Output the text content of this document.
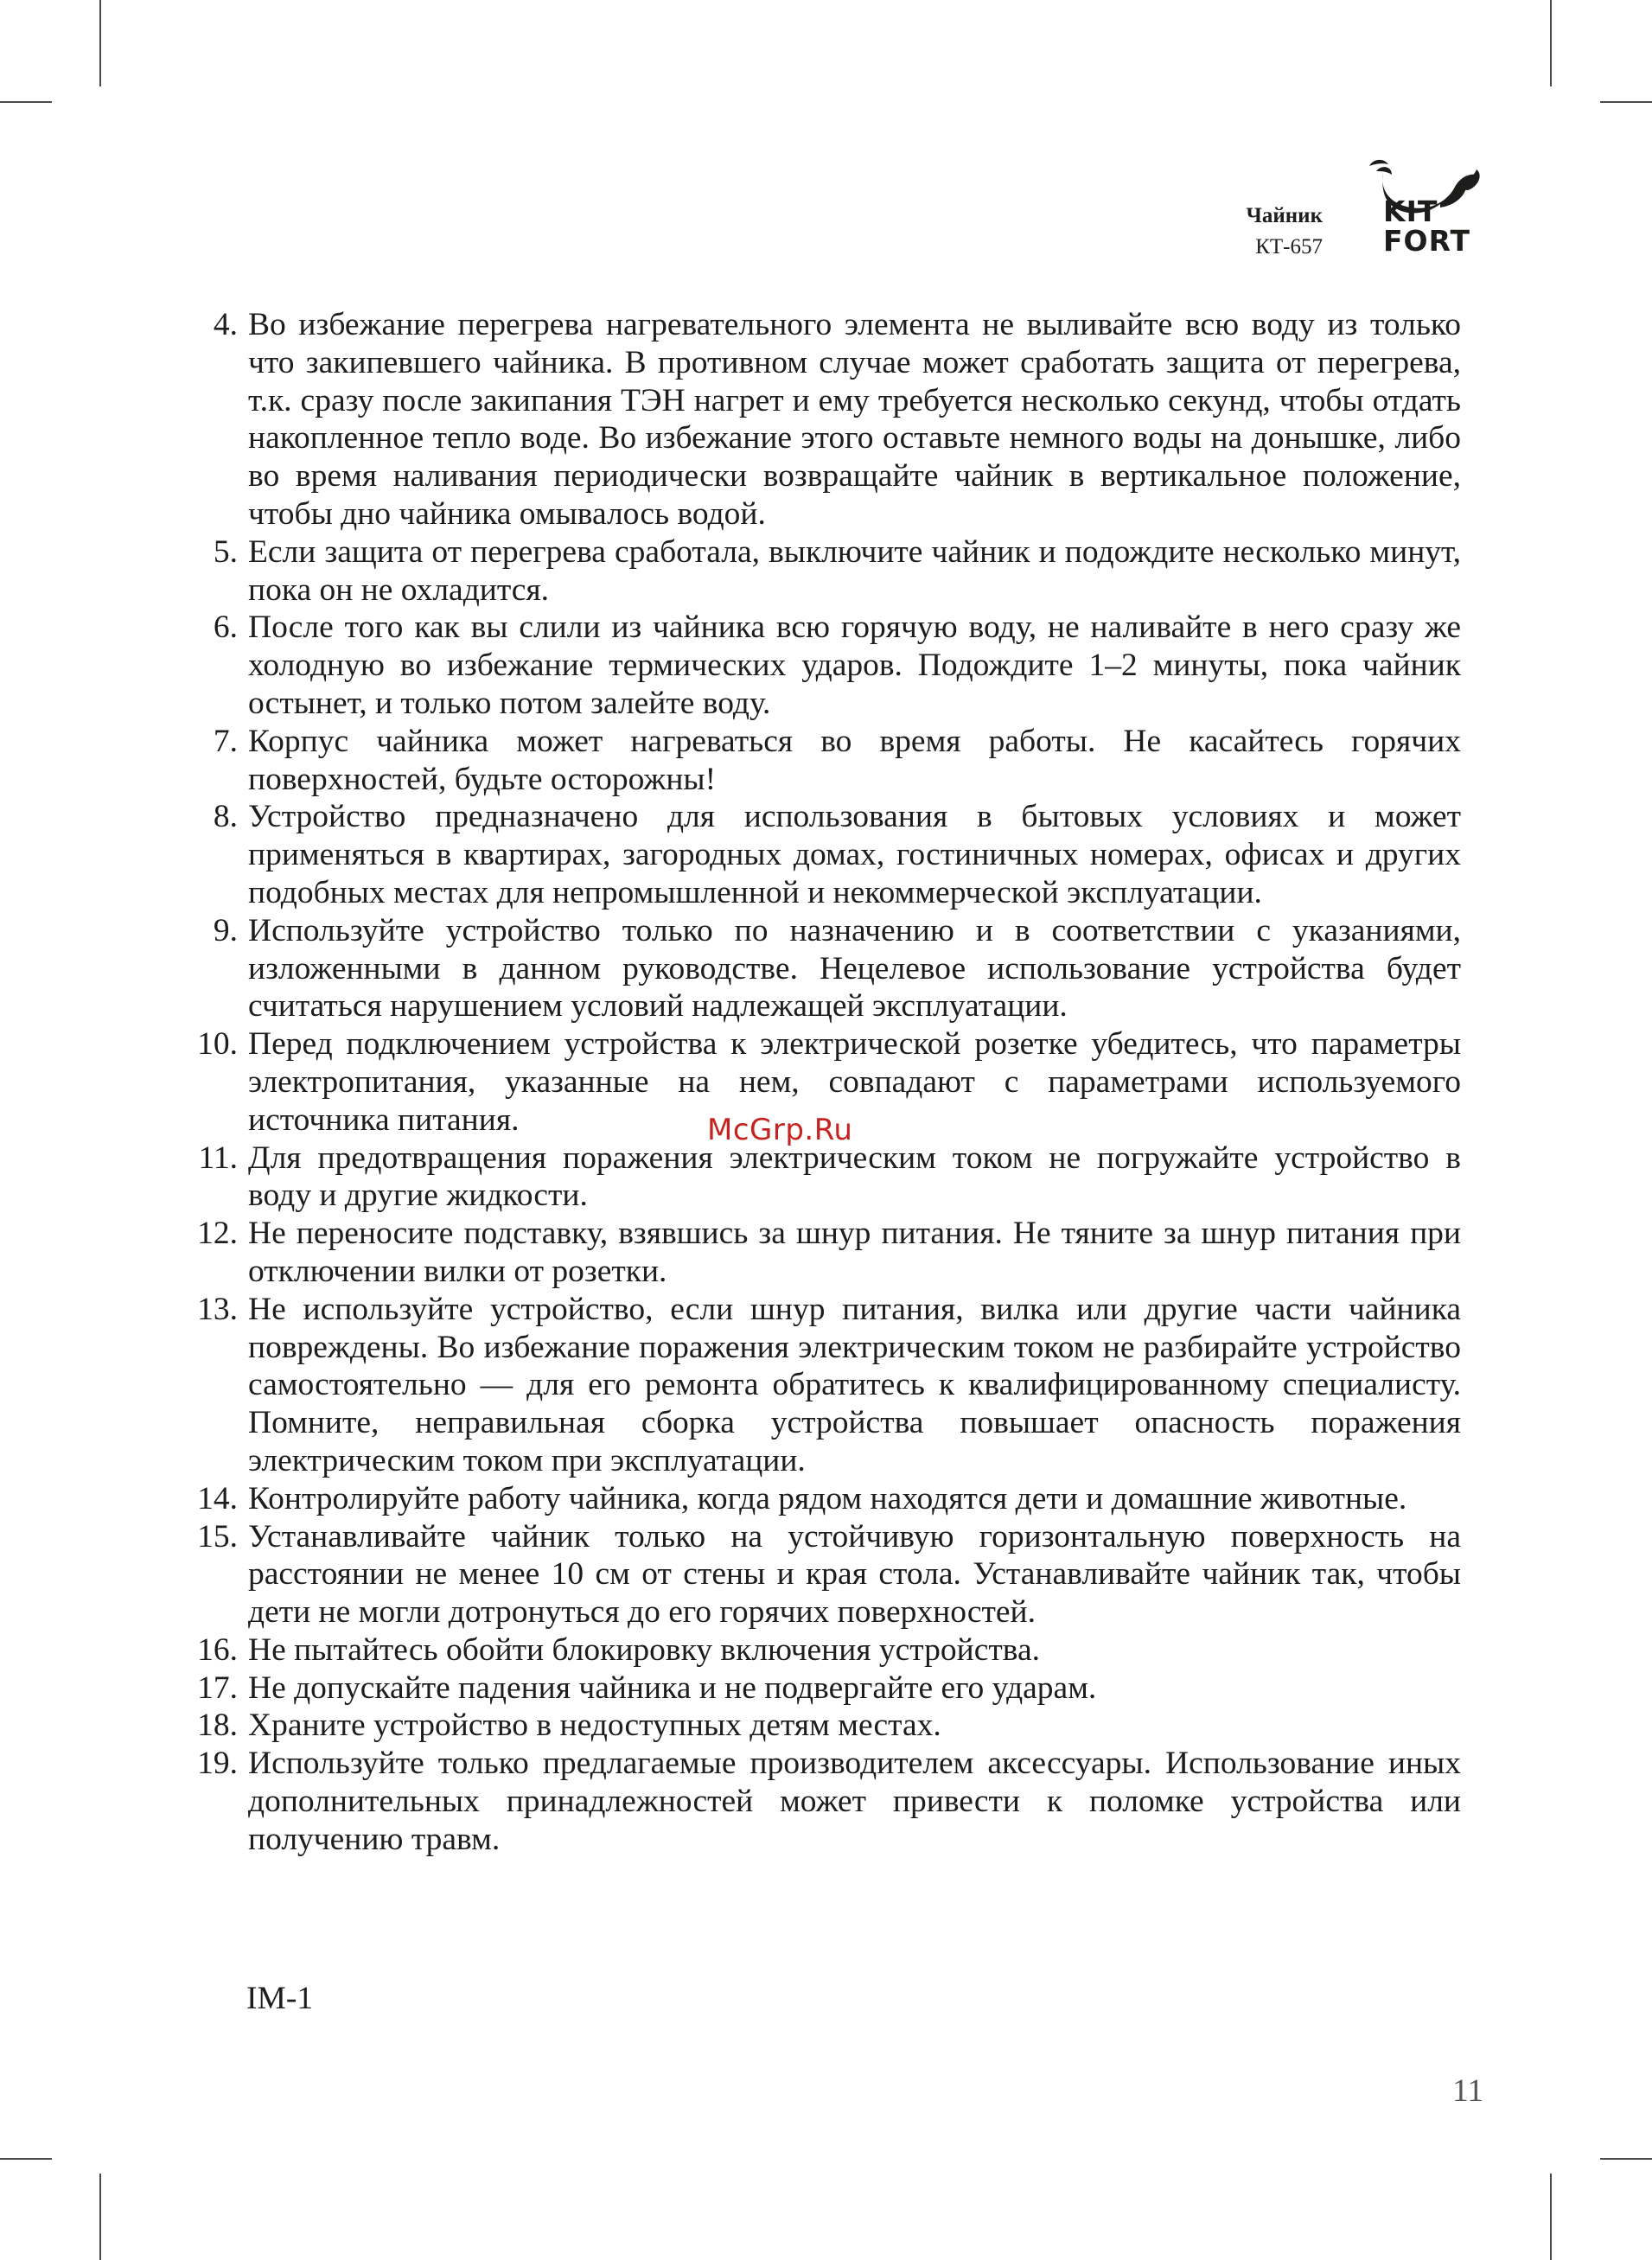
Чайник
КТ-657
KIT
FORT
4. Во избежание перегрева нагревательного элемента не выливайте всю воду из только что закипевшего чайника. В противном случае может сработать защита от перегрева, т.к. сразу после закипания ТЭН нагрет и ему требуется несколько секунд, чтобы отдать накопленное тепло воде. Во избежание этого оставьте немного воды на донышке, либо во время наливания периодически возвращайте чайник в вертикальное положение, чтобы дно чайника омывалось водой.
5. Если защита от перегрева сработала, выключите чайник и подождите несколько минут, пока он не охладится.
6. После того как вы слили из чайника всю горячую воду, не наливайте в него сразу же холодную во избежание термических ударов. Подождите 1–2 минуты, пока чайник остынет, и только потом залейте воду.
7. Корпус чайника может нагреваться во время работы. Не касайтесь горячих поверхностей, будьте осторожны!
8. Устройство предназначено для использования в бытовых условиях и может применяться в квартирах, загородных домах, гостиничных номерах, офисах и других подобных местах для непромышленной и некоммерческой эксплуатации.
9. Используйте устройство только по назначению и в соответствии с указаниями, изложенными в данном руководстве. Нецелевое использование устройства будет считаться нарушением условий надлежащей эксплуатации.
10. Перед подключением устройства к электрической розетке убедитесь, что параметры электропитания, указанные на нем, совпадают с параметрами используемого источника питания.
11. Для предотвращения поражения электрическим током не погружайте устройство в воду и другие жидкости.
12. Не переносите подставку, взявшись за шнур питания. Не тяните за шнур питания при отключении вилки от розетки.
13. Не используйте устройство, если шнур питания, вилка или другие части чайника повреждены. Во избежание поражения электрическим током не разбирайте устройство самостоятельно — для его ремонта обратитесь к квалифицированному специалисту. Помните, неправильная сборка устройства повышает опасность поражения электрическим током при эксплуатации.
14. Контролируйте работу чайника, когда рядом находятся дети и домашние животные.
15. Устанавливайте чайник только на устойчивую горизонтальную поверхность на расстоянии не менее 10 см от стены и края стола. Устанавливайте чайник так, чтобы дети не могли дотронуться до его горячих поверхностей.
16. Не пытайтесь обойти блокировку включения устройства.
17. Не допускайте падения чайника и не подвергайте его ударам.
18. Храните устройство в недоступных детям местах.
19. Используйте только предлагаемые производителем аксессуары. Использование иных дополнительных принадлежностей может привести к поломке устройства или получению травм.
McGrp.Ru
IM-1
11
